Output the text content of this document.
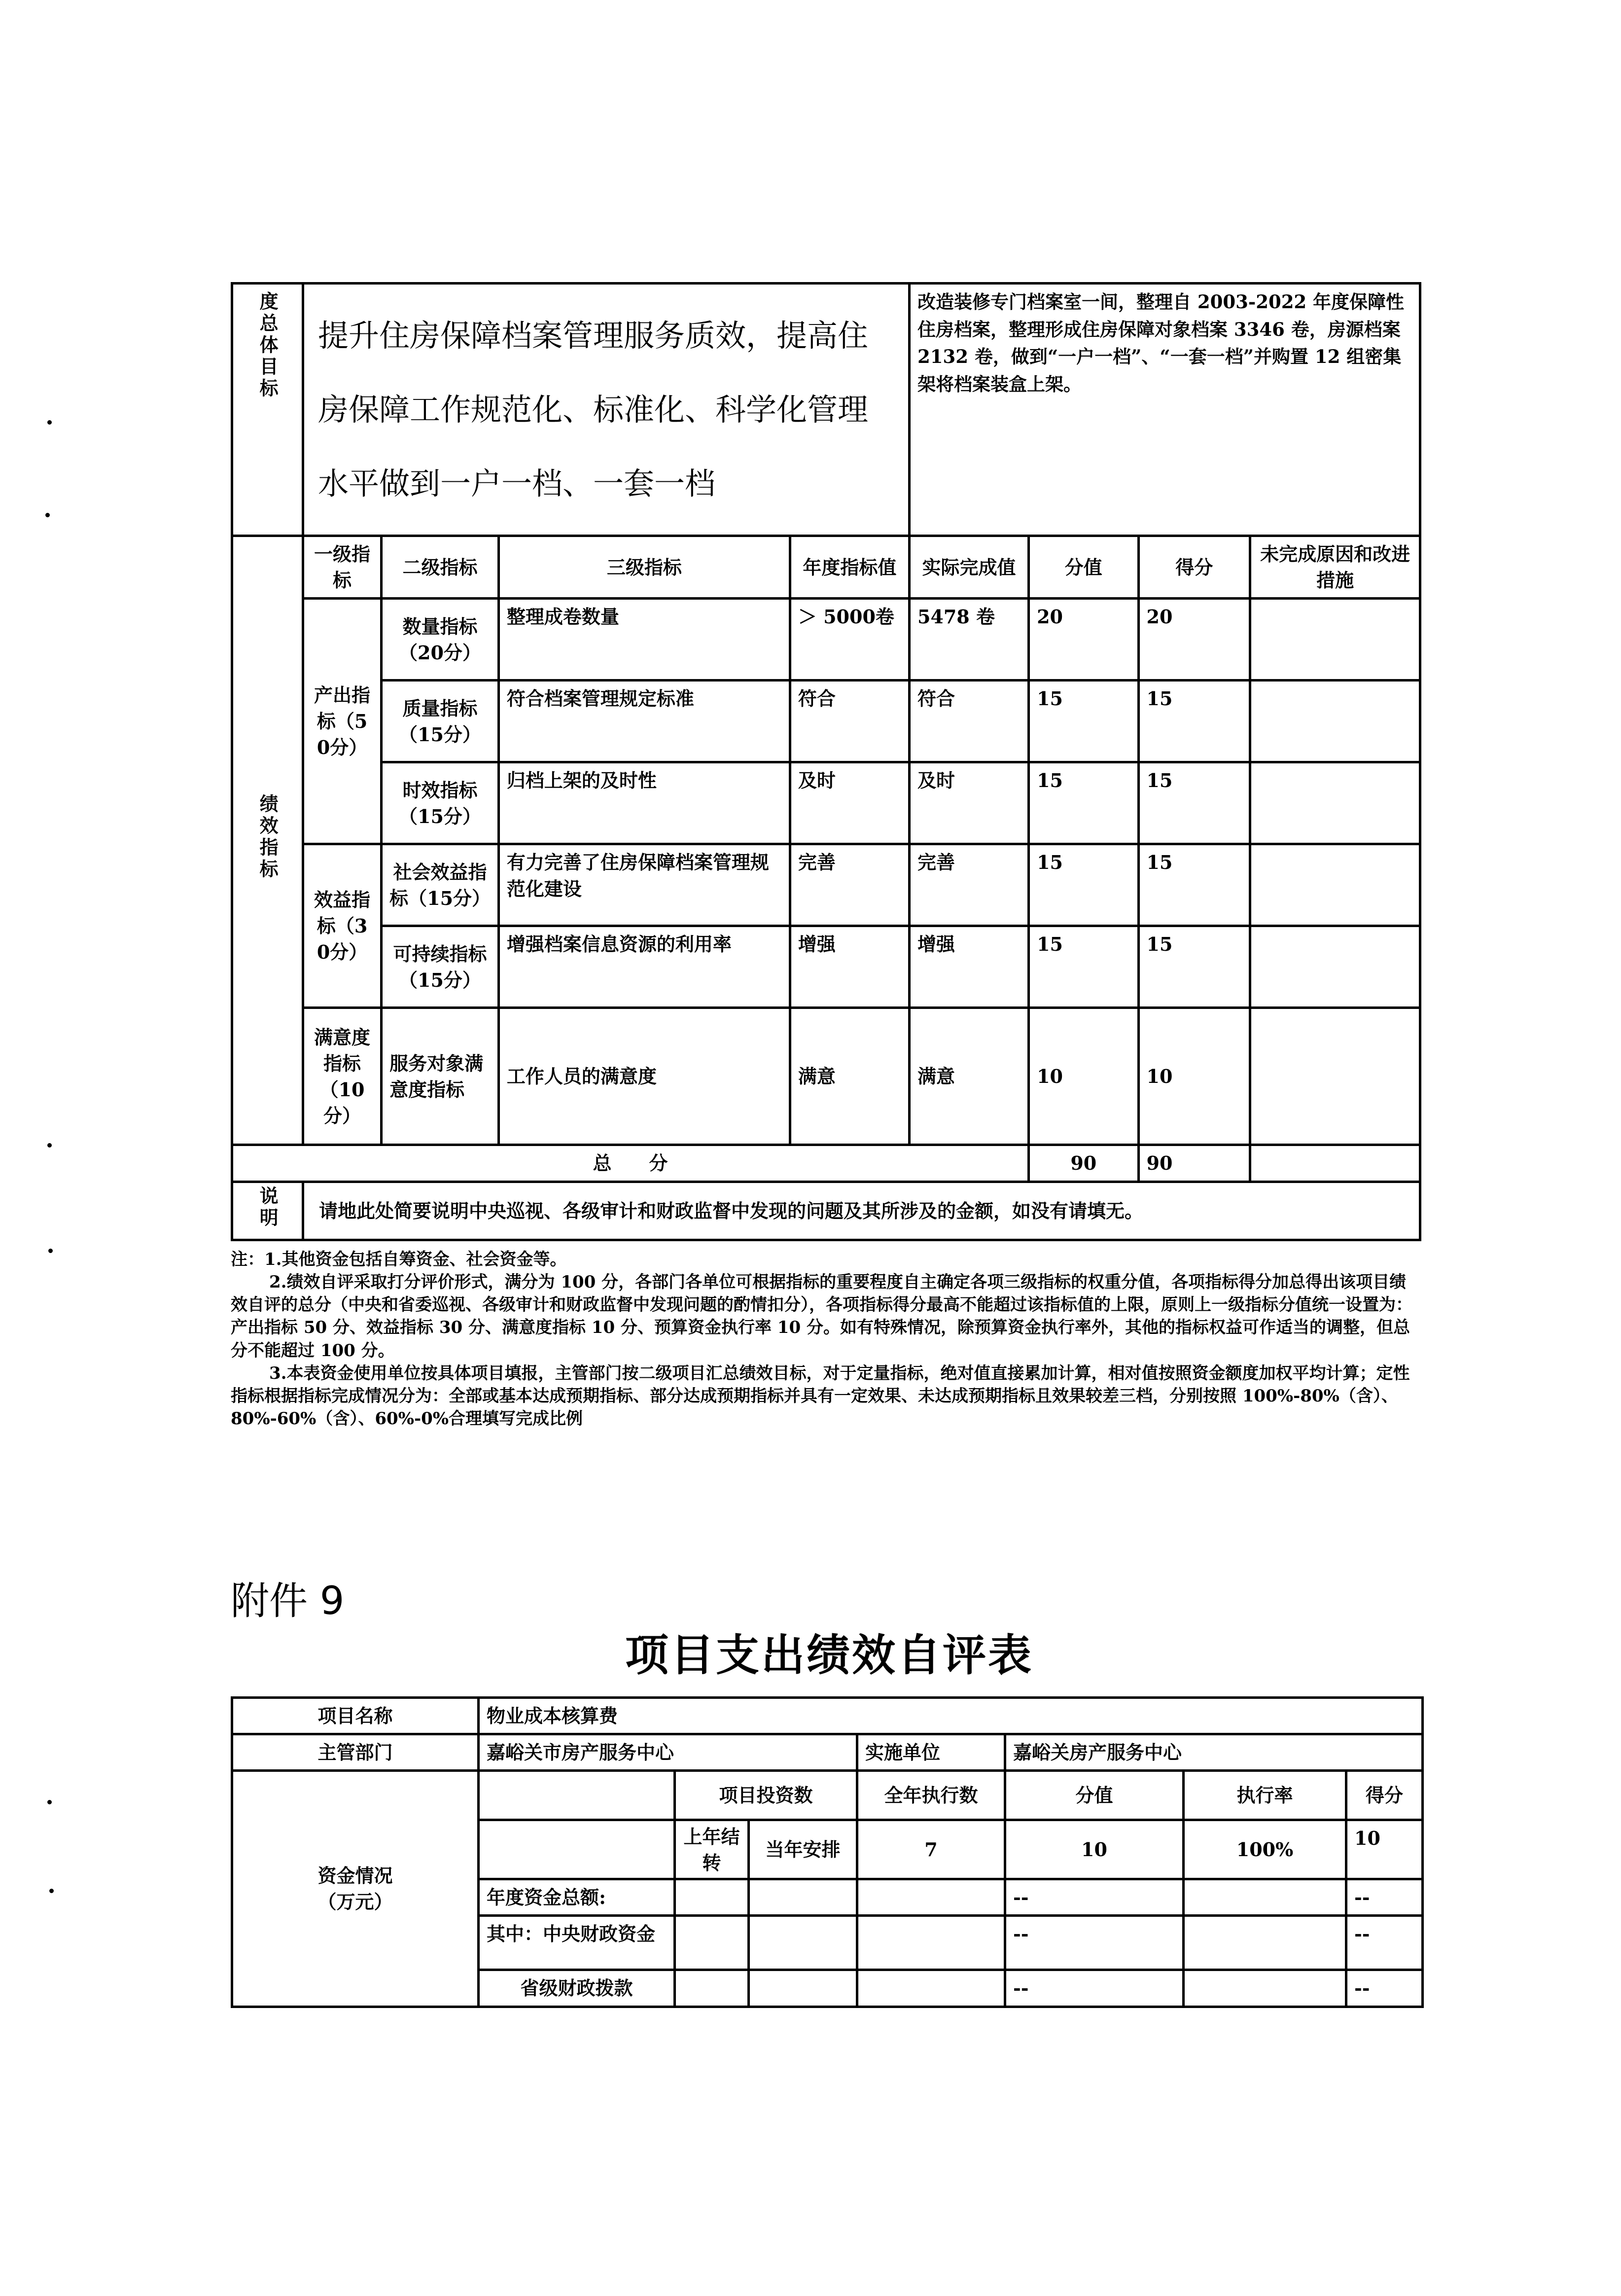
度总体目标	提升住房保障档案管理服务质效，提高住房保障工作规范化、标准化、科学化管理水平做到一户一档、一套一档				改造装修专门档案室一间，整理自 2003-2022 年度保障性住房档案，整理形成住房保障对象档案 3346 卷，房源档案 2132 卷，做到“一户一档”、“一套一档”并购置 12 组密集架将档案装盒上架。			
绩效指标	一级指标	二级指标	三级指标	年度指标值	实际完成值	分值	得分	未完成原因和改进措施
	产出指标（50分）	数量指标（20分）	整理成卷数量	＞ 5000卷	5478 卷	20	20	
		质量指标（15分）	符合档案管理规定标准	符合	符合	15	15	
		时效指标（15分）	归档上架的及时性	及时	及时	15	15	
	效益指标（30分）	社会效益指标（15分）	有力完善了住房保障档案管理规范化建设	完善	完善	15	15	
		可持续指标（15分）	增强档案信息资源的利用率	增强	增强	15	15	
	满意度指标（10分）	服务对象满意度指标	工作人员的满意度	满意	满意	10	10	
总　　分						90	90	
说明	请地此处简要说明中央巡视、各级审计和财政监督中发现的问题及其所涉及的金额，如没有请填无。							

注：1.其他资金包括自筹资金、社会资金等。

2.绩效自评采取打分评价形式，满分为 100 分，各部门各单位可根据指标的重要程度自主确定各项三级指标的权重分值，各项指标得分加总得出该项目绩效自评的总分（中央和省委巡视、各级审计和财政监督中发现问题的酌情扣分），各项指标得分最高不能超过该指标值的上限，原则上一级指标分值统一设置为：产出指标 50 分、效益指标 30 分、满意度指标 10 分、预算资金执行率 10 分。如有特殊情况，除预算资金执行率外，其他的指标权益可作适当的调整，但总分不能超过 100 分。

3.本表资金使用单位按具体项目填报，主管部门按二级项目汇总绩效目标，对于定量指标，绝对值直接累加计算，相对值按照资金额度加权平均计算；定性指标根据指标完成情况分为：全部或基本达成预期指标、部分达成预期指标并具有一定效果、未达成预期指标且效果较差三档，分别按照 100%-80%（含）、80%-60%（含）、60%-0%合理填写完成比例

附件 9
项目支出绩效自评表
项目名称	物业成本核算费						
主管部门	嘉峪关市房产服务中心			实施单位	嘉峪关房产服务中心		
资金情况（万元）		项目投资数		全年执行数	分值	执行率	得分
		上年结转	当年安排	7	10	100%	10
	年度资金总额:				--		--
	其中：中央财政资金				--		--
	省级财政拨款				--		--
